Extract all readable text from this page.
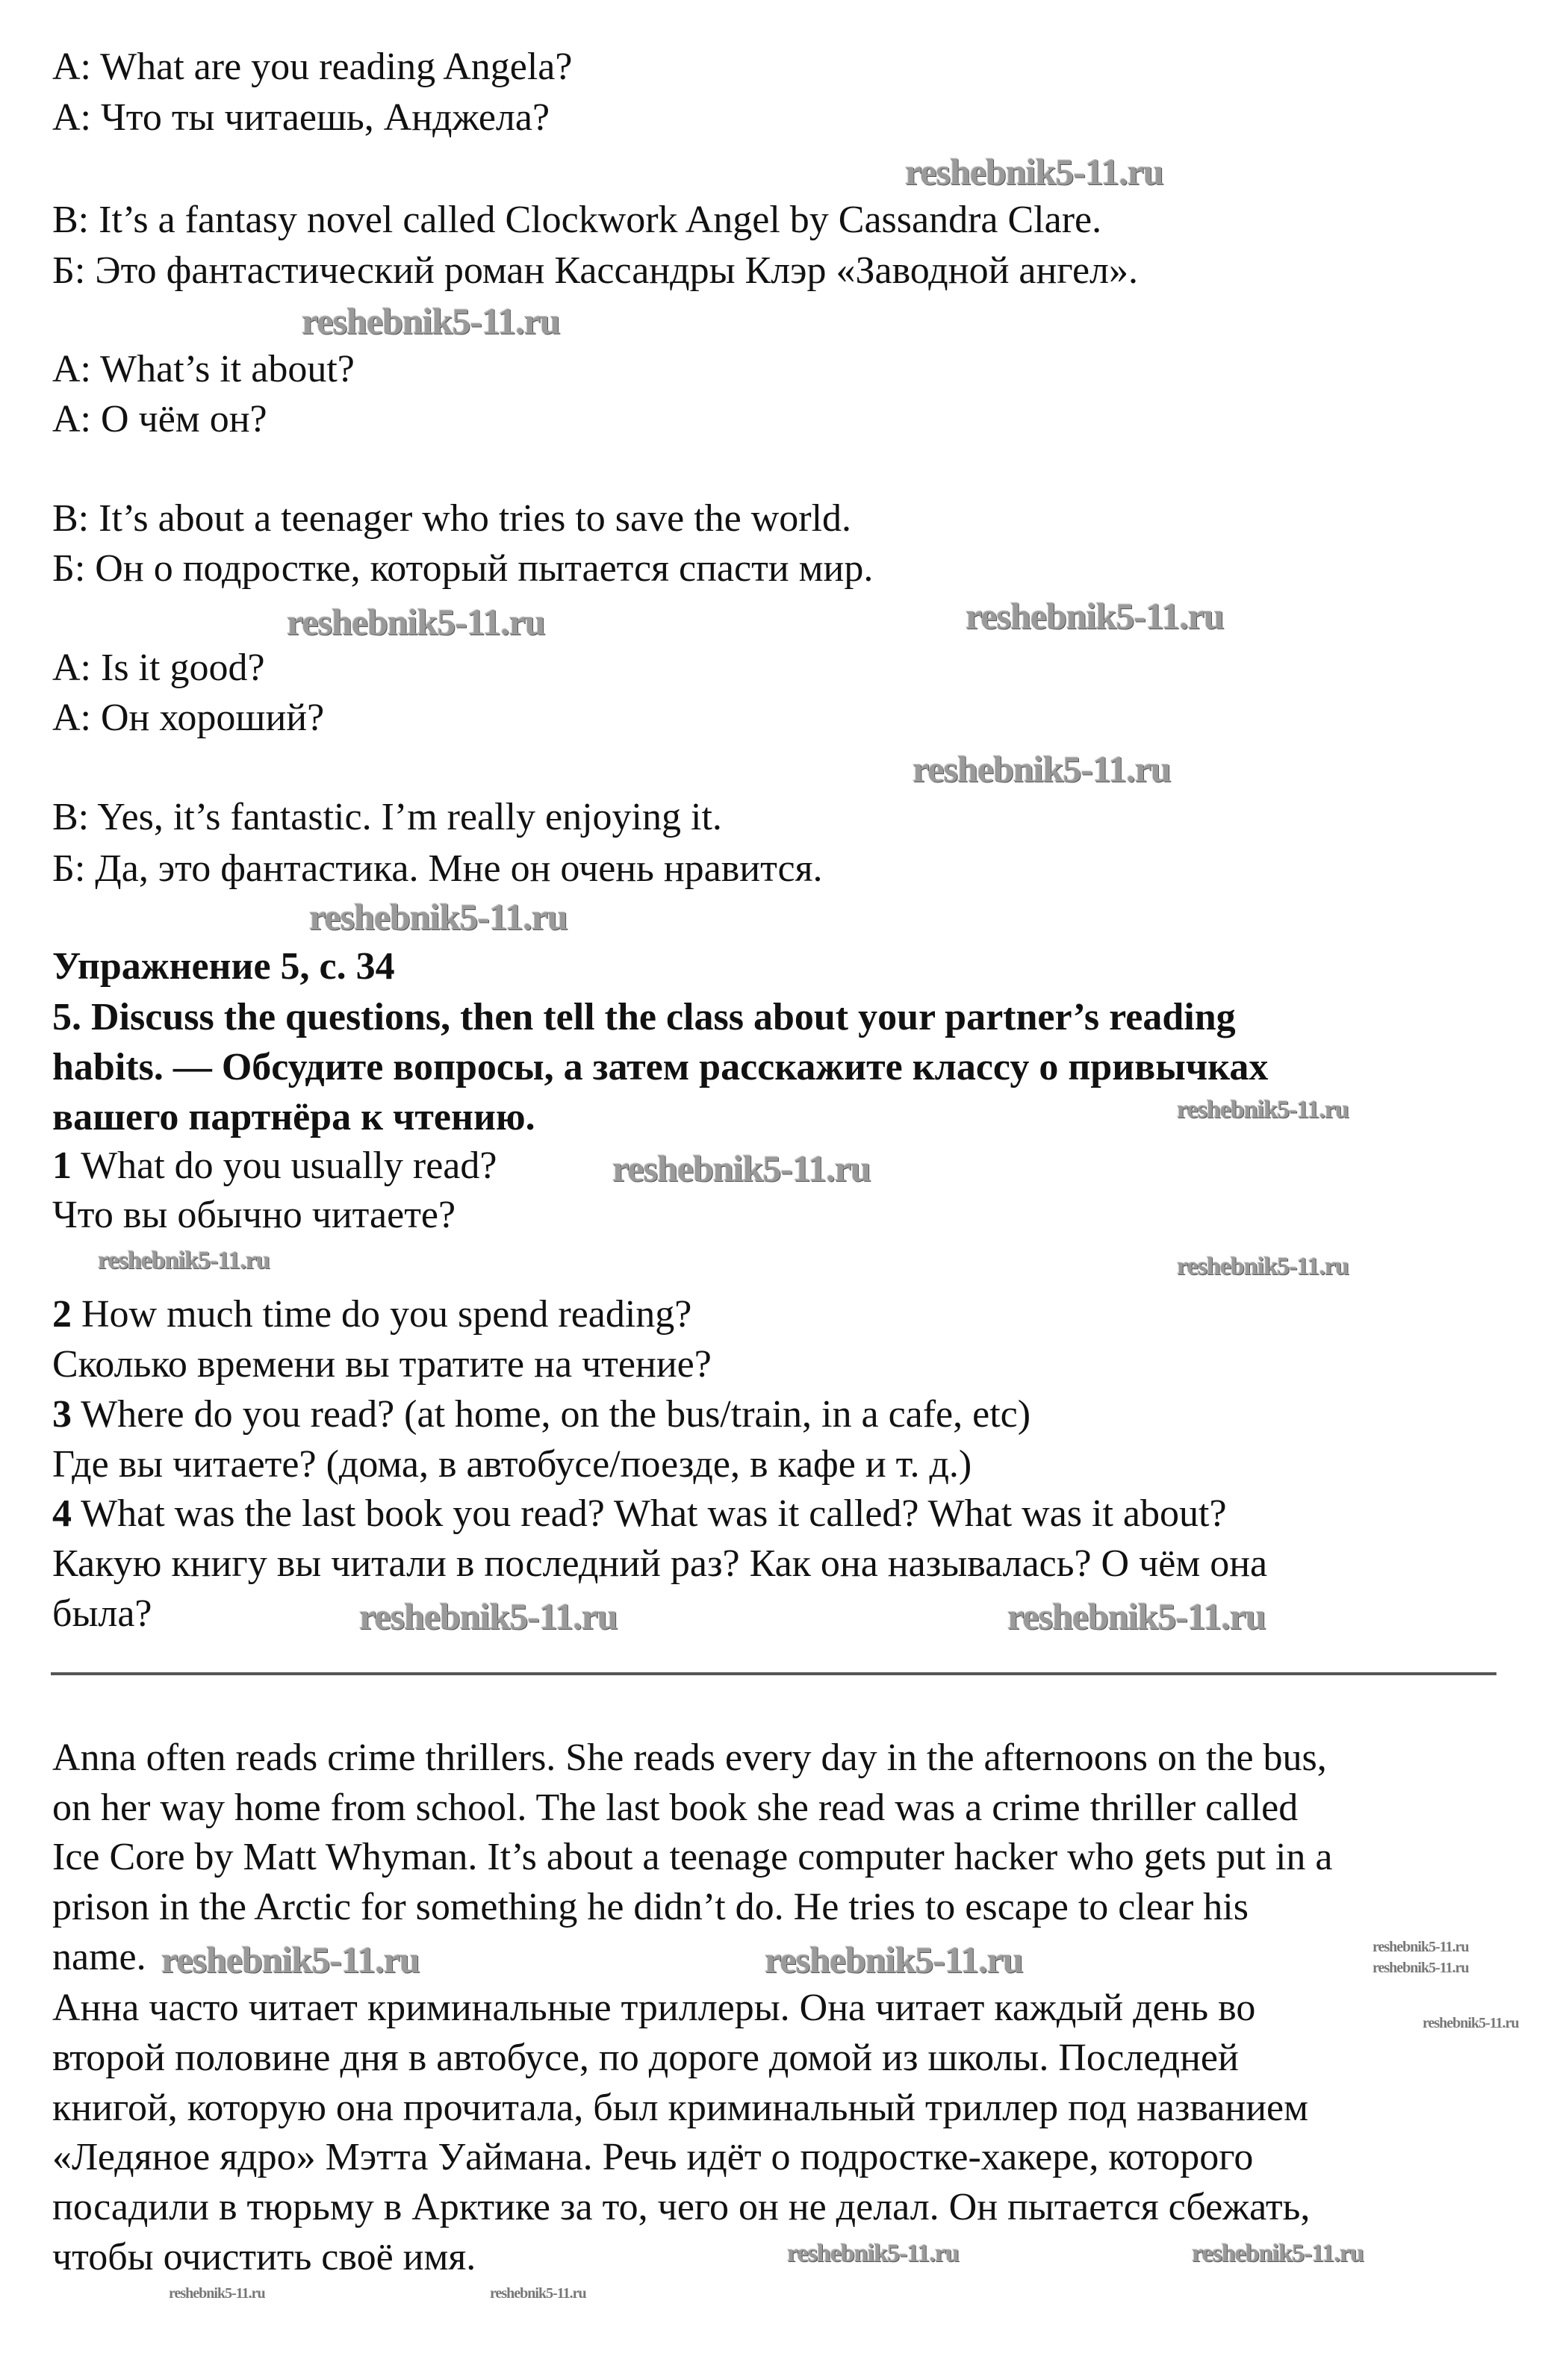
A: What are you reading Angela?
А: Что ты читаешь, Анджела?
B: It’s a fantasy novel called Clockwork Angel by Cassandra Clare.
Б: Это фантастический роман Кассандры Клэр «Заводной ангел».
A: What’s it about?
А: О чём он?
B: It’s about a teenager who tries to save the world.
Б: Он о подростке, который пытается спасти мир.
A: Is it good?
А: Он хороший?
B: Yes, it’s fantastic. I’m really enjoying it.
Б: Да, это фантастика. Мне он очень нравится.
Упражнение 5, с. 34
5. Discuss the questions, then tell the class about your partner’s reading
habits. — Обсудите вопросы, а затем расскажите классу о привычках
вашего партнёра к чтению.
1 What do you usually read?
Что вы обычно читаете?
2 How much time do you spend reading?
Сколько времени вы тратите на чтение?
3 Where do you read? (at home, on the bus/train, in a cafe, etc)
Где вы читаете? (дома, в автобусе/поезде, в кафе и т. д.)
4 What was the last book you read? What was it called? What was it about?
Какую книгу вы читали в последний раз? Как она называлась? О чём она
была?
Anna often reads crime thrillers. She reads every day in the afternoons on the bus,
on her way home from school. The last book she read was a crime thriller called
Ice Core by Matt Whyman. It’s about a teenage computer hacker who gets put in a
prison in the Arctic for something he didn’t do. He tries to escape to clear his
name.
Анна часто читает криминальные триллеры. Она читает каждый день во
второй половине дня в автобусе, по дороге домой из школы. Последней
книгой, которую она прочитала, был криминальный триллер под названием
«Ледяное ядро» Мэтта Уаймана. Речь идёт о подростке-хакере, которого
посадили в тюрьму в Арктике за то, чего он не делал. Он пытается сбежать,
чтобы очистить своё имя.
reshebnik5-11.ru
reshebnik5-11.ru
reshebnik5-11.ru
reshebnik5-11.ru
reshebnik5-11.ru
reshebnik5-11.ru
reshebnik5-11.ru
reshebnik5-11.ru
reshebnik5-11.ru	reshebnik5-11.ru
reshebnik5-11.ru	reshebnik5-11.ru
reshebnik5-11.ru	reshebnik5-11.ru	reshebnik5-11.ru
reshebnik5-11.ru
reshebnik5-11.ru
reshebnik5-11.ru	reshebnik5-11.ru
reshebnik5-11.ru	reshebnik5-11.ru
